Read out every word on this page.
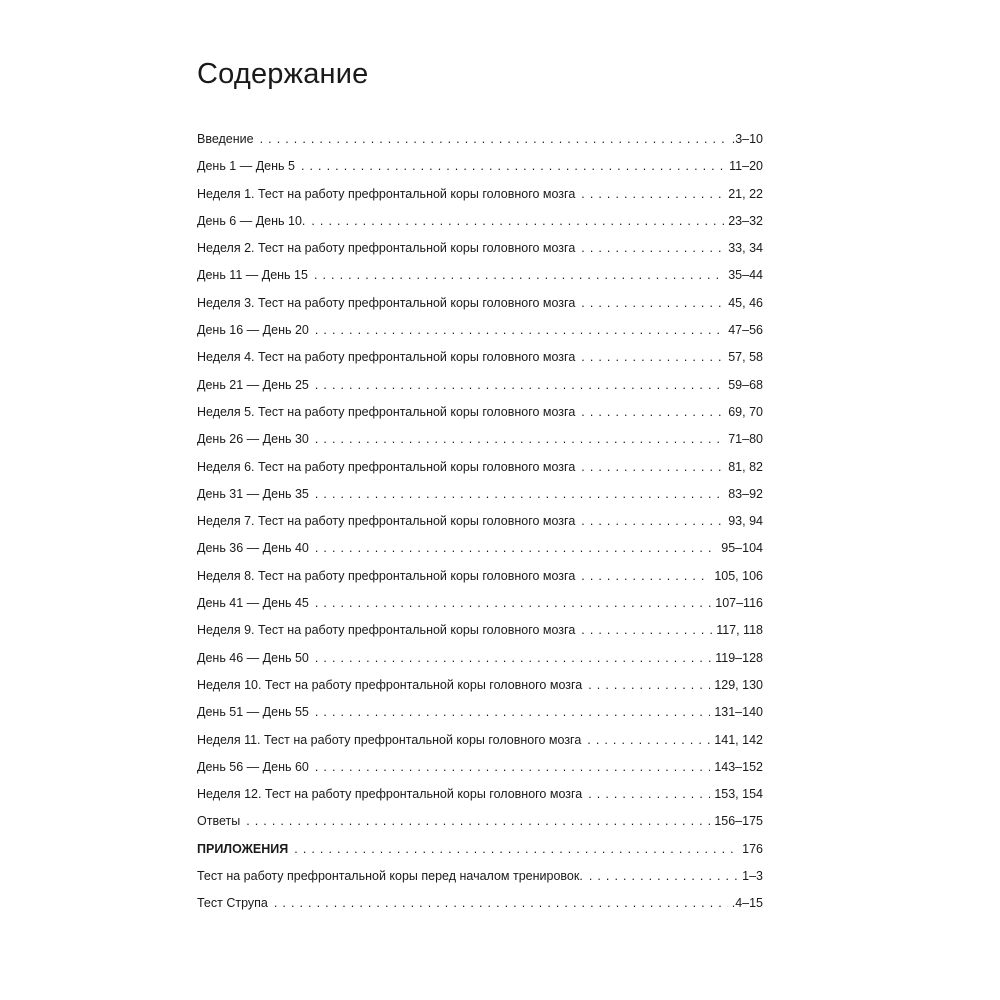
Содержание
Введение . . .	.3–10
День 1 — День 5 . . .	11–20
Неделя 1. Тест на работу префронтальной коры головного мозга . . .	21, 22
День 6 — День 10. . . .	23–32
Неделя 2. Тест на работу префронтальной коры головного мозга . . .	33, 34
День 11 — День 15 . . .	35–44
Неделя 3. Тест на работу префронтальной коры головного мозга . . .	45, 46
День 16 — День 20 . . .	47–56
Неделя 4. Тест на работу префронтальной коры головного мозга . . .	57, 58
День 21 — День 25 . . .	59–68
Неделя 5. Тест на работу префронтальной коры головного мозга . . .	69, 70
День 26 — День 30 . . .	71–80
Неделя 6. Тест на работу префронтальной коры головного мозга . . .	81, 82
День 31 — День 35 . . .	83–92
Неделя 7. Тест на работу префронтальной коры головного мозга . . .	93, 94
День 36 — День 40 . . .	95–104
Неделя 8. Тест на работу префронтальной коры головного мозга . . .	105, 106
День 41 — День 45 . . .	107–116
Неделя 9. Тест на работу префронтальной коры головного мозга . . .	117, 118
День 46 — День 50 . . .	119–128
Неделя 10. Тест на работу префронтальной коры головного мозга . . .	129, 130
День 51 — День 55 . . .	131–140
Неделя 11. Тест на работу префронтальной коры головного мозга . . .	141, 142
День 56 — День 60 . . .	143–152
Неделя 12. Тест на работу префронтальной коры головного мозга . . .	153, 154
Ответы . . .	156–175
ПРИЛОЖЕНИЯ . . .	176
Тест на работу префронтальной коры перед началом тренировок. . . .	1–3
Тест Струпа . . .	.4–15
